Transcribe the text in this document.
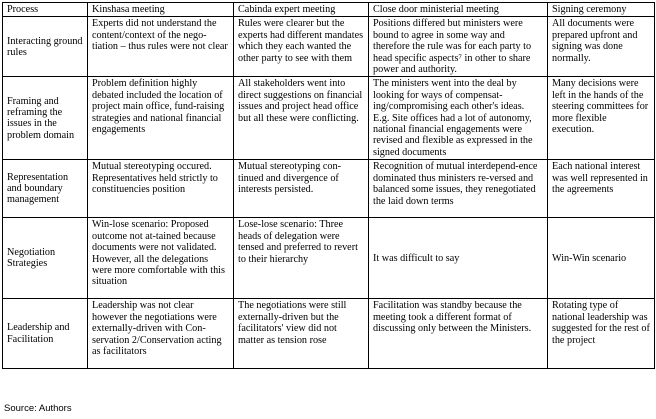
Process	Kinshasa meeting	Cabinda expert meeting	Close door ministerial meeting	Signing ceremony
Interacting ground rules	Experts did not understand the content/context of the nego-tiation – thus rules were not clear	Rules were clearer but the experts had different mandates which they each wanted the other party to see with them	Positions differed but ministers were bound to agree in some way and therefore the rule was for each party to head specific aspects⁷ in other to share power and authority.	All documents were prepared upfront and signing was done normally.
Framing and reframing the issues in the problem domain	Problem definition highly debated included the location of project main office, fund-raising strategies and national financial engagements	All stakeholders went into direct suggestions on financial issues and project head office but all these were conflicting.	The ministers went into the deal by looking for ways of compensat-ing/compromising each other's ideas. E.g. Site offices had a lot of autonomy, national financial engagements were revised and flexible as expressed in the signed documents	Many decisions were left in the hands of the steering committees for more flexible execution.
Representation and boundary management	Mutual stereotyping occured. Representatives held strictly to constituencies position	Mutual stereotyping con-tinued and divergence of interests persisted.	Recognition of mutual interdepend-ence dominated thus ministers re-versed and balanced some issues, they renegotiated the laid down terms	Each national interest was well represented in the agreements
Negotiation Strategies	Win-lose scenario: Proposed outcome not at-tained because documents were not validated. However, all the delegations were more comfortable with this situation	Lose-lose scenario: Three heads of delegation were tensed and preferred to revert to their hierarchy	It was difficult to say	Win-Win scenario
Leadership and Facilitation	Leadership was not clear however the negotiations were externally-driven with Con-servation 2/Conservation acting as facilitators	The negotiations were still externally-driven but the facilitators' view did not matter as tension rose	Facilitation was standby because the meeting took a different format of discussing only between the Ministers.	Rotating type of national leadership was suggested for the rest of the project
Source: Authors
